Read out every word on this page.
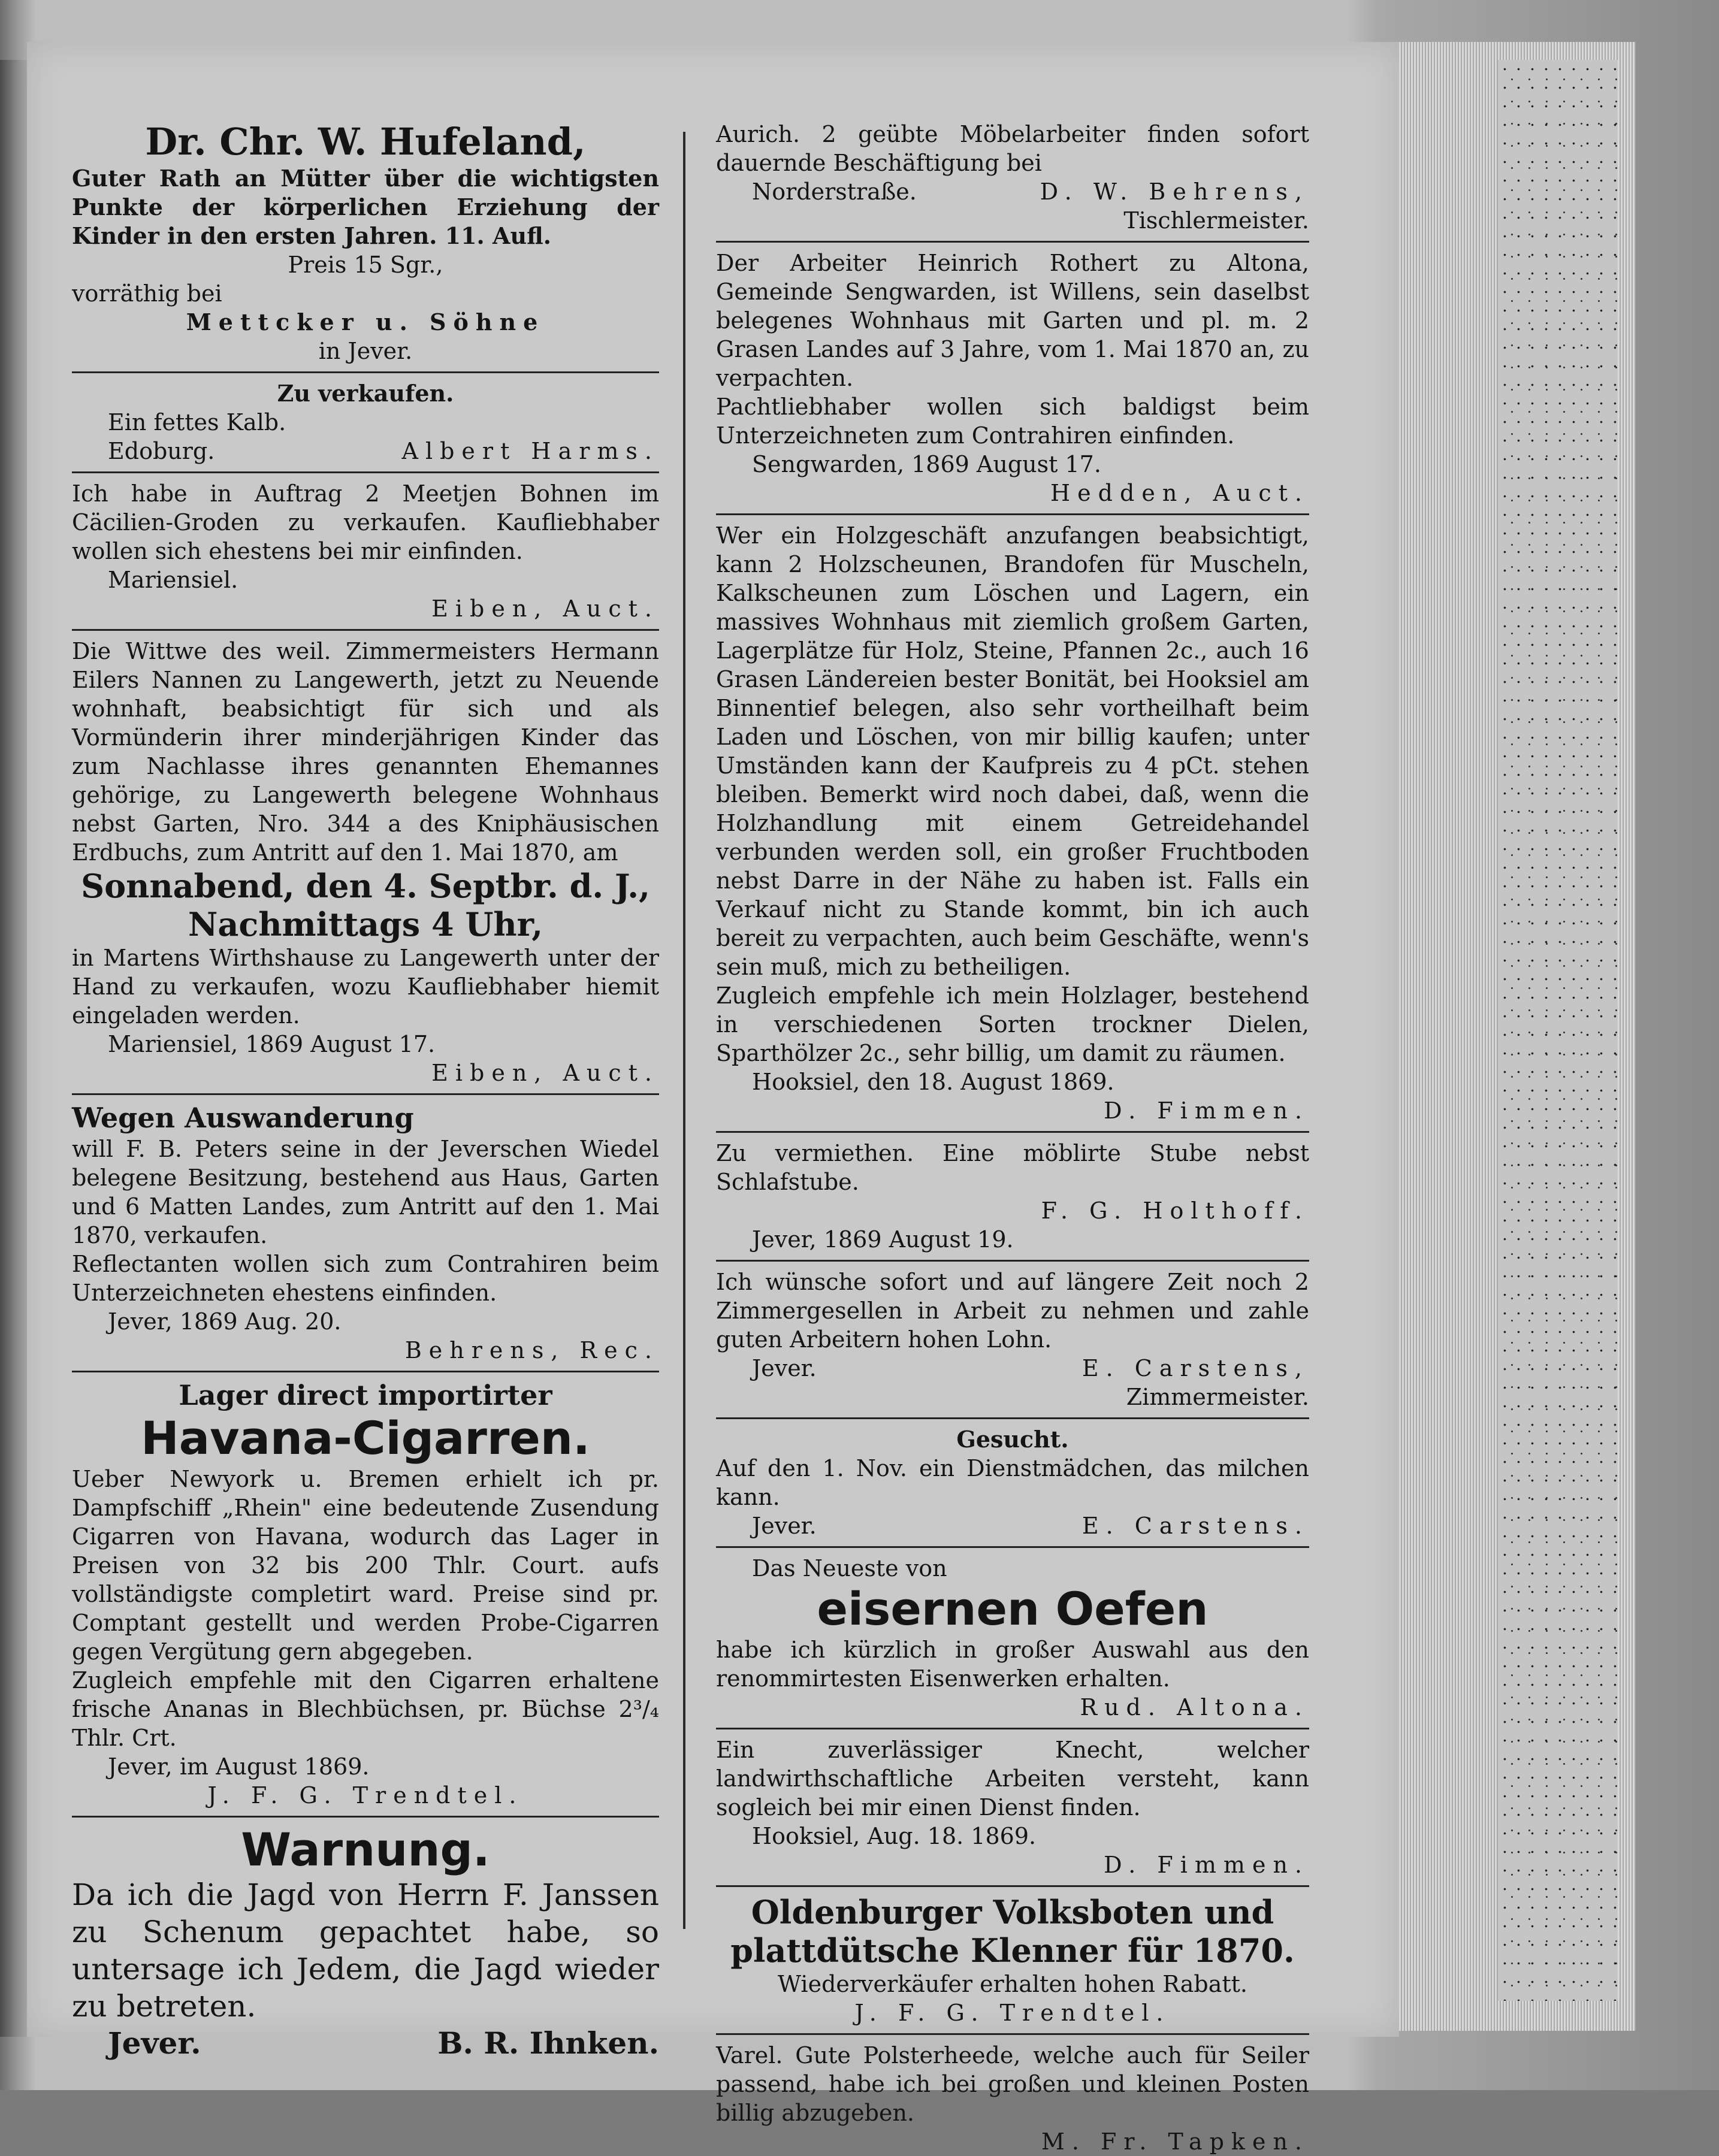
Dr. Chr. W. Hufeland,
Guter Rath an Mütter über die wichtigsten Punkte der körperlichen Erziehung der Kinder in den ersten Jahren. 11. Aufl.
Preis 15 Sgr.,
vorräthig bei
Mettcker u. Söhne
in Jever.
Zu verkaufen.
Ein fettes Kalb.
Edoburg.	Albert Harms.
Ich habe in Auftrag 2 Meetjen Bohnen im Cäcilien-Groden zu verkaufen. Kaufliebhaber wollen sich ehestens bei mir einfinden.
Mariensiel.
Eiben, Auct.
Die Wittwe des weil. Zimmermeisters Hermann Eilers Nannen zu Langewerth, jetzt zu Neuende wohnhaft, beabsichtigt für sich und als Vormünderin ihrer minderjährigen Kinder das zum Nachlasse ihres genannten Ehemannes gehörige, zu Langewerth belegene Wohnhaus nebst Garten, Nro. 344 a des Kniphäusischen Erdbuchs, zum Antritt auf den 1. Mai 1870, am
Sonnabend, den 4. Septbr. d. J.,
Nachmittags 4 Uhr,
in Martens Wirthshause zu Langewerth unter der Hand zu verkaufen, wozu Kaufliebhaber hiemit eingeladen werden.
Mariensiel, 1869 August 17.
Eiben, Auct.
Wegen Auswanderung
will F. B. Peters seine in der Jeverschen Wiedel belegene Besitzung, bestehend aus Haus, Garten und 6 Matten Landes, zum Antritt auf den 1. Mai 1870, verkaufen.
Reflectanten wollen sich zum Contrahiren beim Unterzeichneten ehestens einfinden.
Jever, 1869 Aug. 20.
Behrens, Rec.
Lager direct importirter
Havana-Cigarren.
Ueber Newyork u. Bremen erhielt ich pr. Dampfschiff „Rhein" eine bedeutende Zusendung Cigarren von Havana, wodurch das Lager in Preisen von 32 bis 200 Thlr. Court. aufs vollständigste completirt ward. Preise sind pr. Comptant gestellt und werden Probe-Cigarren gegen Vergütung gern abgegeben.
Zugleich empfehle mit den Cigarren erhaltene frische Ananas in Blechbüchsen, pr. Büchse 2³/₄ Thlr. Crt.
Jever, im August 1869.
J. F. G. Trendtel.
Warnung.
Da ich die Jagd von Herrn F. Janssen zu Schenum gepachtet habe, so untersage ich Jedem, die Jagd wieder zu betreten.
Jever.	B. R. Ihnken.
Aurich. 2 geübte Möbelarbeiter finden sofort dauernde Beschäftigung bei
Norderstraße.	D. W. Behrens,
Tischlermeister.
Der Arbeiter Heinrich Rothert zu Altona, Gemeinde Sengwarden, ist Willens, sein daselbst belegenes Wohnhaus mit Garten und pl. m. 2 Grasen Landes auf 3 Jahre, vom 1. Mai 1870 an, zu verpachten.
Pachtliebhaber wollen sich baldigst beim Unterzeichneten zum Contrahiren einfinden.
Sengwarden, 1869 August 17.
Hedden, Auct.
Wer ein Holzgeschäft anzufangen beabsichtigt, kann 2 Holzscheunen, Brandofen für Muscheln, Kalkscheunen zum Löschen und Lagern, ein massives Wohnhaus mit ziemlich großem Garten, Lagerplätze für Holz, Steine, Pfannen 2c., auch 16 Grasen Ländereien bester Bonität, bei Hooksiel am Binnentief belegen, also sehr vortheilhaft beim Laden und Löschen, von mir billig kaufen; unter Umständen kann der Kaufpreis zu 4 pCt. stehen bleiben. Bemerkt wird noch dabei, daß, wenn die Holzhandlung mit einem Getreidehandel verbunden werden soll, ein großer Fruchtboden nebst Darre in der Nähe zu haben ist. Falls ein Verkauf nicht zu Stande kommt, bin ich auch bereit zu verpachten, auch beim Geschäfte, wenn's sein muß, mich zu betheiligen.
Zugleich empfehle ich mein Holzlager, bestehend in verschiedenen Sorten trockner Dielen, Sparthölzer 2c., sehr billig, um damit zu räumen.
Hooksiel, den 18. August 1869.
D. Fimmen.
Zu vermiethen. Eine möblirte Stube nebst Schlafstube.
F. G. Holthoff.
Jever, 1869 August 19.
Ich wünsche sofort und auf längere Zeit noch 2 Zimmergesellen in Arbeit zu nehmen und zahle guten Arbeitern hohen Lohn.
Jever.	E. Carstens,
Zimmermeister.
Gesucht.
Auf den 1. Nov. ein Dienstmädchen, das milchen kann.
Jever.	E. Carstens.
Das Neueste von
eisernen Oefen
habe ich kürzlich in großer Auswahl aus den renommirtesten Eisenwerken erhalten.
Rud. Altona.
Ein zuverlässiger Knecht, welcher landwirthschaftliche Arbeiten versteht, kann sogleich bei mir einen Dienst finden.
Hooksiel, Aug. 18. 1869.
D. Fimmen.
Oldenburger Volksboten und plattdütsche Klenner für 1870.
Wiederverkäufer erhalten hohen Rabatt.
J. F. G. Trendtel.
Varel. Gute Polsterheede, welche auch für Seiler passend, habe ich bei großen und kleinen Posten billig abzugeben.
M. Fr. Tapken.
